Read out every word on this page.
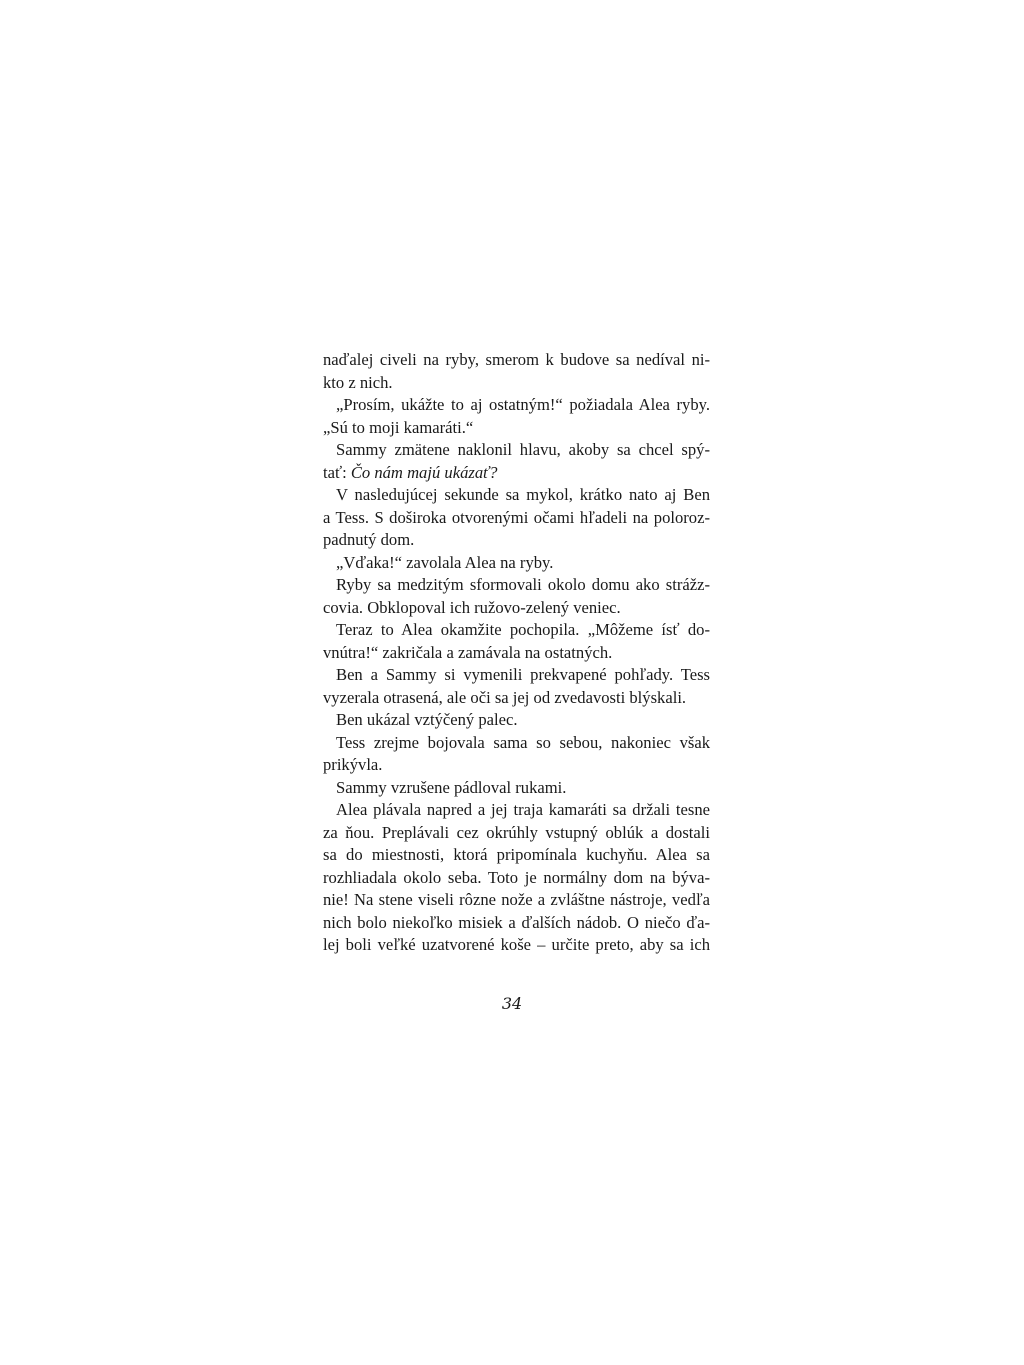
naďalej civeli na ryby, smerom k budove sa nedíval ni-
kto z nich.
„Prosím, ukážte to aj ostatným!“ požiadala Alea ryby.
„Sú to moji kamaráti.“
Sammy zmätene naklonil hlavu, akoby sa chcel spý-
tať: Čo nám majú ukázať?
V nasledujúcej sekunde sa mykol, krátko nato aj Ben
a Tess. S doširoka otvorenými očami hľadeli na poloroz-
padnutý dom.
„Vďaka!“ zavolala Alea na ryby.
Ryby sa medzitým sformovali okolo domu ako strážz-
covia. Obklopoval ich ružovo-zelený veniec.
Teraz to Alea okamžite pochopila. „Môžeme ísť do-
vnútra!“ zakričala a zamávala na ostatných.
Ben a Sammy si vymenili prekvapené pohľady. Tess
vyzerala otrasená, ale oči sa jej od zvedavosti blýskali.
Ben ukázal vztýčený palec.
Tess zrejme bojovala sama so sebou, nakoniec však
prikývla.
Sammy vzrušene pádloval rukami.
Alea plávala napred a jej traja kamaráti sa držali tesne
za ňou. Preplávali cez okrúhly vstupný oblúk a dostali
sa do miestnosti, ktorá pripomínala kuchyňu. Alea sa
rozhliadala okolo seba. Toto je normálny dom na býva-
nie! Na stene viseli rôzne nože a zvláštne nástroje, vedľa
nich bolo niekoľko misiek a ďalších nádob. O niečo ďa-
lej boli veľké uzatvorené koše – určite preto, aby sa ich
34
